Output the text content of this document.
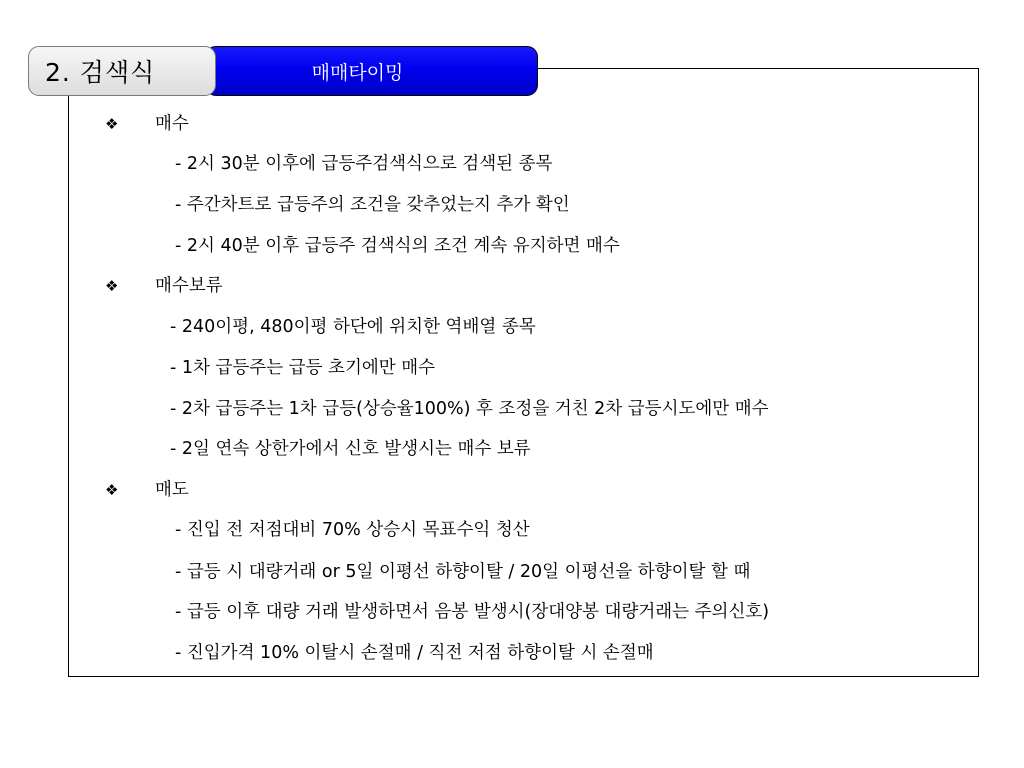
매매타이밍
2. 검색식
❖ 매수
- 2시 30분 이후에 급등주검색식으로 검색된 종목
- 주간차트로 급등주의 조건을 갖추었는지 추가 확인
- 2시 40분 이후 급등주 검색식의 조건 계속 유지하면 매수
❖ 매수보류
- 240이평, 480이평 하단에 위치한 역배열 종목
- 1차 급등주는 급등 초기에만 매수
- 2차 급등주는 1차 급등(상승율100%) 후 조정을 거친 2차 급등시도에만 매수
- 2일 연속 상한가에서 신호 발생시는 매수 보류
❖ 매도
- 진입 전 저점대비 70% 상승시 목표수익 청산
- 급등 시 대량거래 or 5일 이평선 하향이탈 / 20일 이평선을 하향이탈 할 때
- 급등 이후 대량 거래 발생하면서 음봉 발생시(장대양봉 대량거래는 주의신호)
- 진입가격 10% 이탈시 손절매 / 직전 저점 하향이탈 시 손절매
